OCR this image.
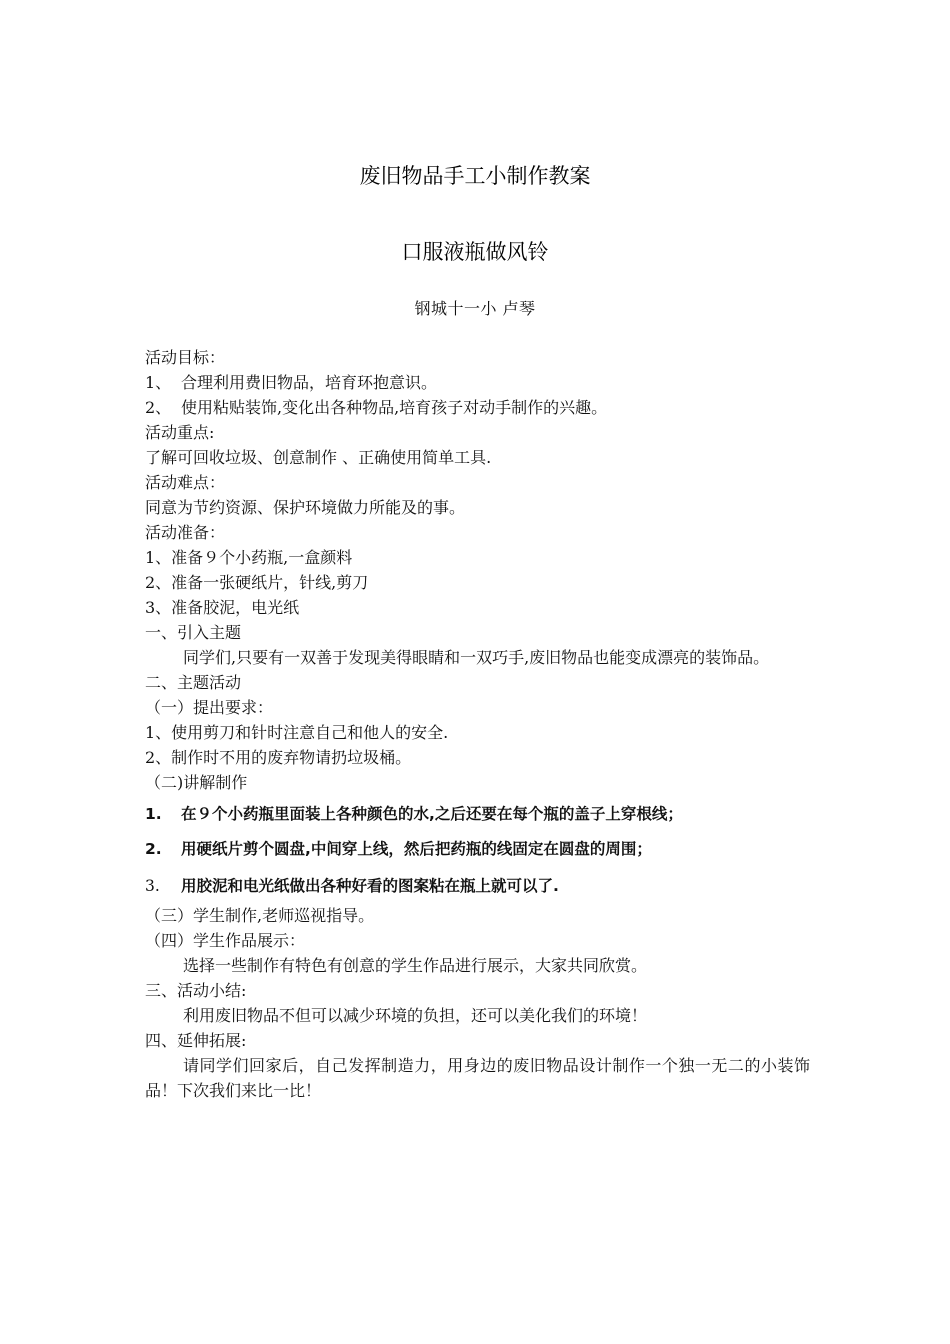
废旧物品手工小制作教案
口服液瓶做风铃
钢城十一小 卢琴
活动目标：
1、 合理利用费旧物品，培育环抱意识。
2、 使用粘贴装饰,变化出各种物品,培育孩子对动手制作的兴趣。
活动重点:
了解可回收垃圾、创意制作 、正确使用简单工具.
活动难点：
同意为节约资源、保护环境做力所能及的事。
活动准备：
1、准备９个小药瓶,一盒颜料
2、准备一张硬纸片，针线,剪刀
3、准备胶泥，电光纸
一、引入主题
同学们,只要有一双善于发现美得眼睛和一双巧手,废旧物品也能变成漂亮的装饰品。
二、主题活动
（一）提出要求：
1、使用剪刀和针时注意自己和他人的安全.
2、制作时不用的废弃物请扔垃圾桶。
（二)讲解制作
1. 在９个小药瓶里面装上各种颜色的水,之后还要在每个瓶的盖子上穿根线；
2. 用硬纸片剪个圆盘,中间穿上线，然后把药瓶的线固定在圆盘的周围；
3. 用胶泥和电光纸做出各种好看的图案粘在瓶上就可以了.
（三）学生制作,老师巡视指导。
（四）学生作品展示：
选择一些制作有特色有创意的学生作品进行展示，大家共同欣赏。
三、活动小结:
利用废旧物品不但可以减少环境的负担，还可以美化我们的环境！
四、延伸拓展:
请同学们回家后，自己发挥制造力，用身边的废旧物品设计制作一个独一无二的小装饰品！下次我们来比一比！
